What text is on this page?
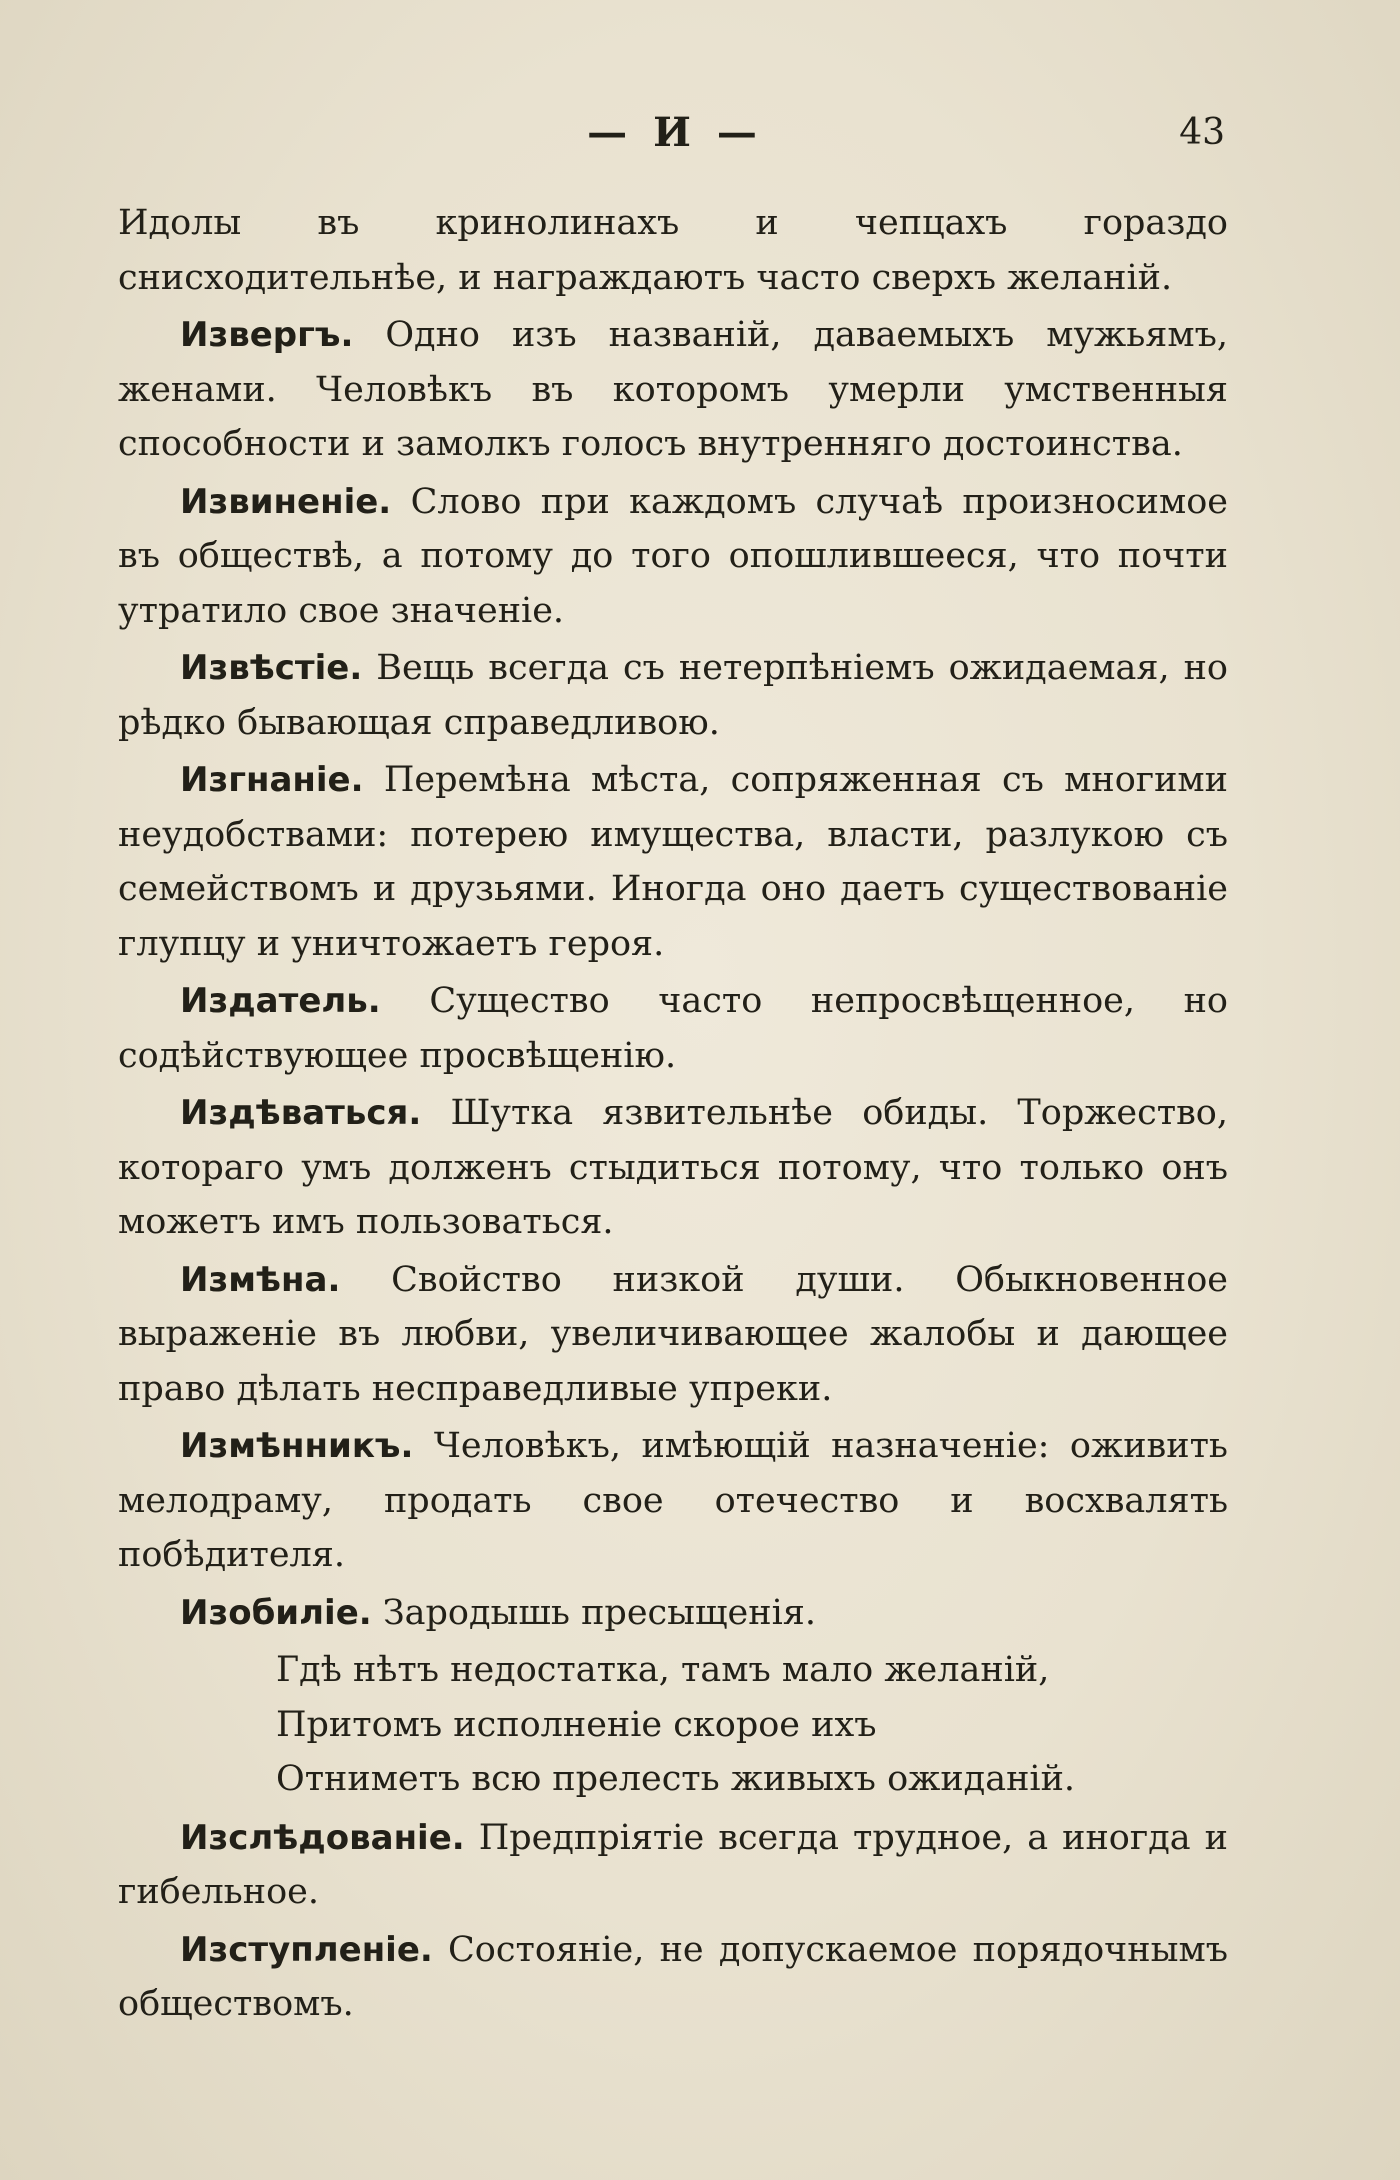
— И —	43

Идолы въ кринолинахъ и чепцахъ гораздо снисходительнѣе, и награждаютъ часто сверхъ желаній.

Извергъ. Одно изъ названій, даваемыхъ мужьямъ, женами. Человѣкъ въ которомъ умерли умственныя способности и замолкъ голосъ внутренняго достоинства.

Извиненіе. Слово при каждомъ случаѣ произносимое въ обществѣ, а потому до того опошлившееся, что почти утратило свое значеніе.

Извѣстіе. Вещь всегда съ нетерпѣніемъ ожидаемая, но рѣдко бывающая справедливою.

Изгнаніе. Перемѣна мѣста, сопряженная съ многими неудобствами: потерею имущества, власти, разлукою съ семействомъ и друзьями. Иногда оно даетъ существованіе глупцу и уничтожаетъ героя.

Издатель. Существо часто непросвѣщенное, но содѣйствующее просвѣщенію.

Издѣваться. Шутка язвительнѣе обиды. Торжество, котораго умъ долженъ стыдиться потому, что только онъ можетъ имъ пользоваться.

Измѣна. Свойство низкой души. Обыкновенное выраженіе въ любви, увеличивающее жалобы и дающее право дѣлать несправедливые упреки.

Измѣнникъ. Человѣкъ, имѣющій назначеніе: оживить мелодраму, продать свое отечество и восхвалять побѣдителя.

Изобиліе. Зародышь пресыщенія.

Гдѣ нѣтъ недостатка, тамъ мало желаній,
Притомъ исполненіе скорое ихъ
Отниметъ всю прелесть живыхъ ожиданій.

Изслѣдованіе. Предпріятіе всегда трудное, а иногда и гибельное.

Изступленіе. Состояніе, не допускаемое порядочнымъ обществомъ.
